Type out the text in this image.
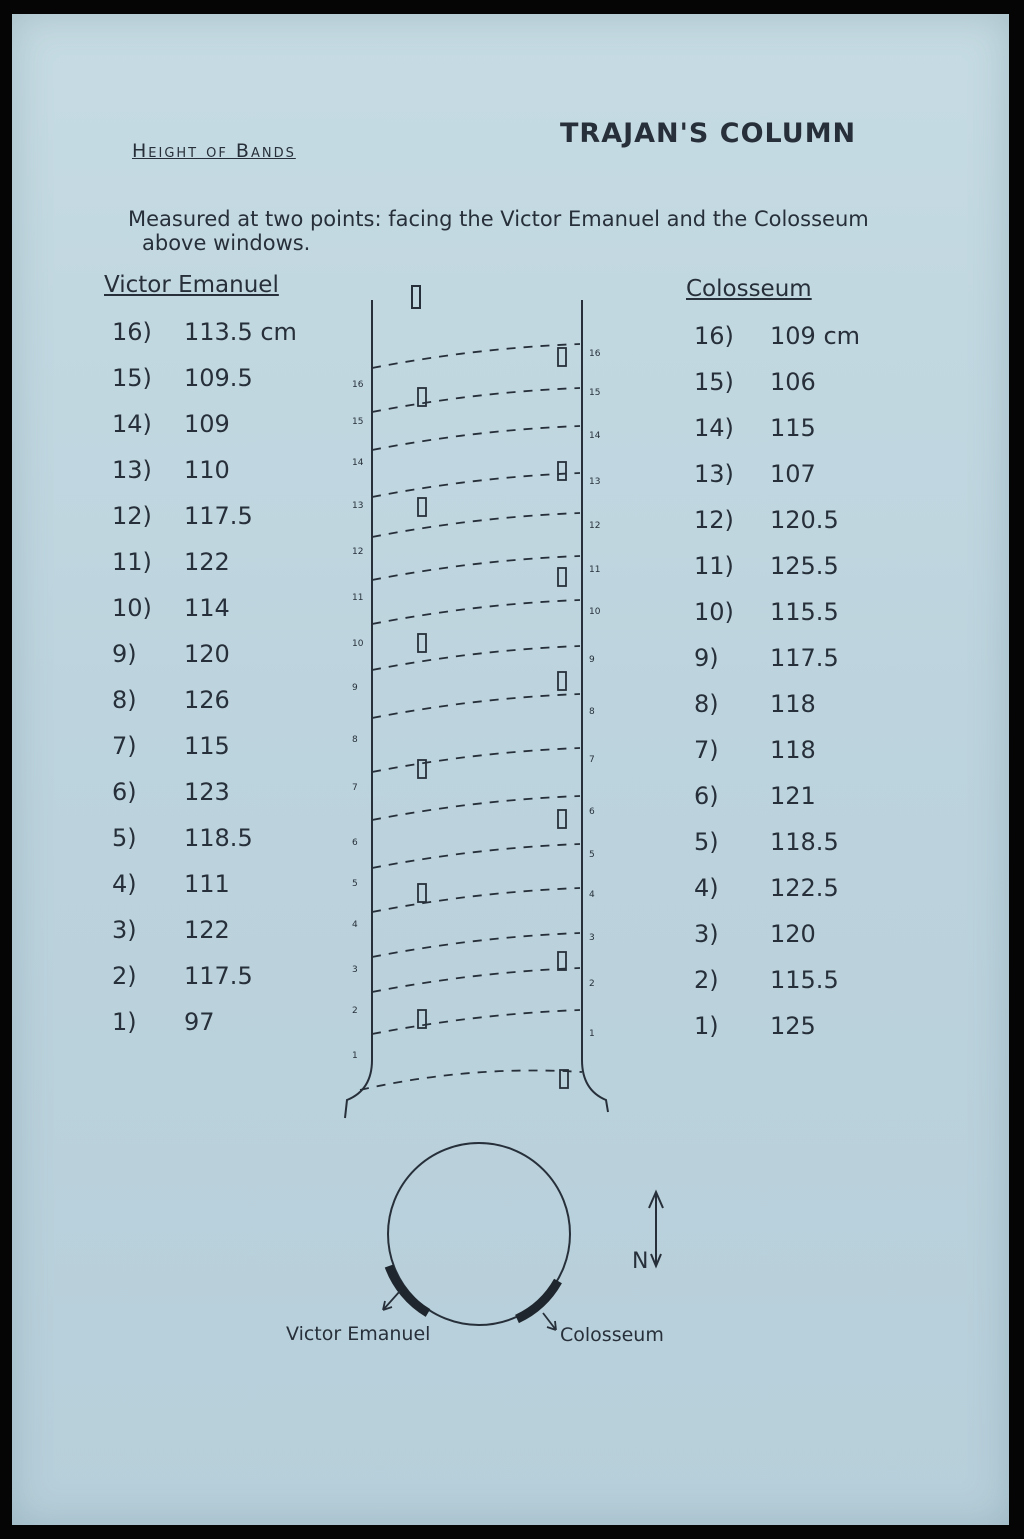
TRAJAN'S COLUMN
Height of Bands
Measured at two points: facing the Victor Emanuel and the Colosseum
above windows.
Victor Emanuel	Colosseum
16) 113.5 cm
15) 109.5
14) 109
13) 110
12) 117.5
11) 122
10) 114
9) 120
8) 126
7) 115
6) 123
5) 118.5
4) 111
3) 122
2) 117.5
1) 97
16) 109 cm
15) 106
14) 115
13) 107
12) 120.5
11) 125.5
10) 115.5
9) 117.5
8) 118
7) 118
6) 121
5) 118.5
4) 122.5
3) 120
2) 115.5
1) 125
16
15
14
13
12
11
10
9
8
7
6
5
4
3
2
1
16
15
14
13
12
11
10
9
8
7
6
5
4
3
2
1
N
Victor Emanuel	Colosseum
